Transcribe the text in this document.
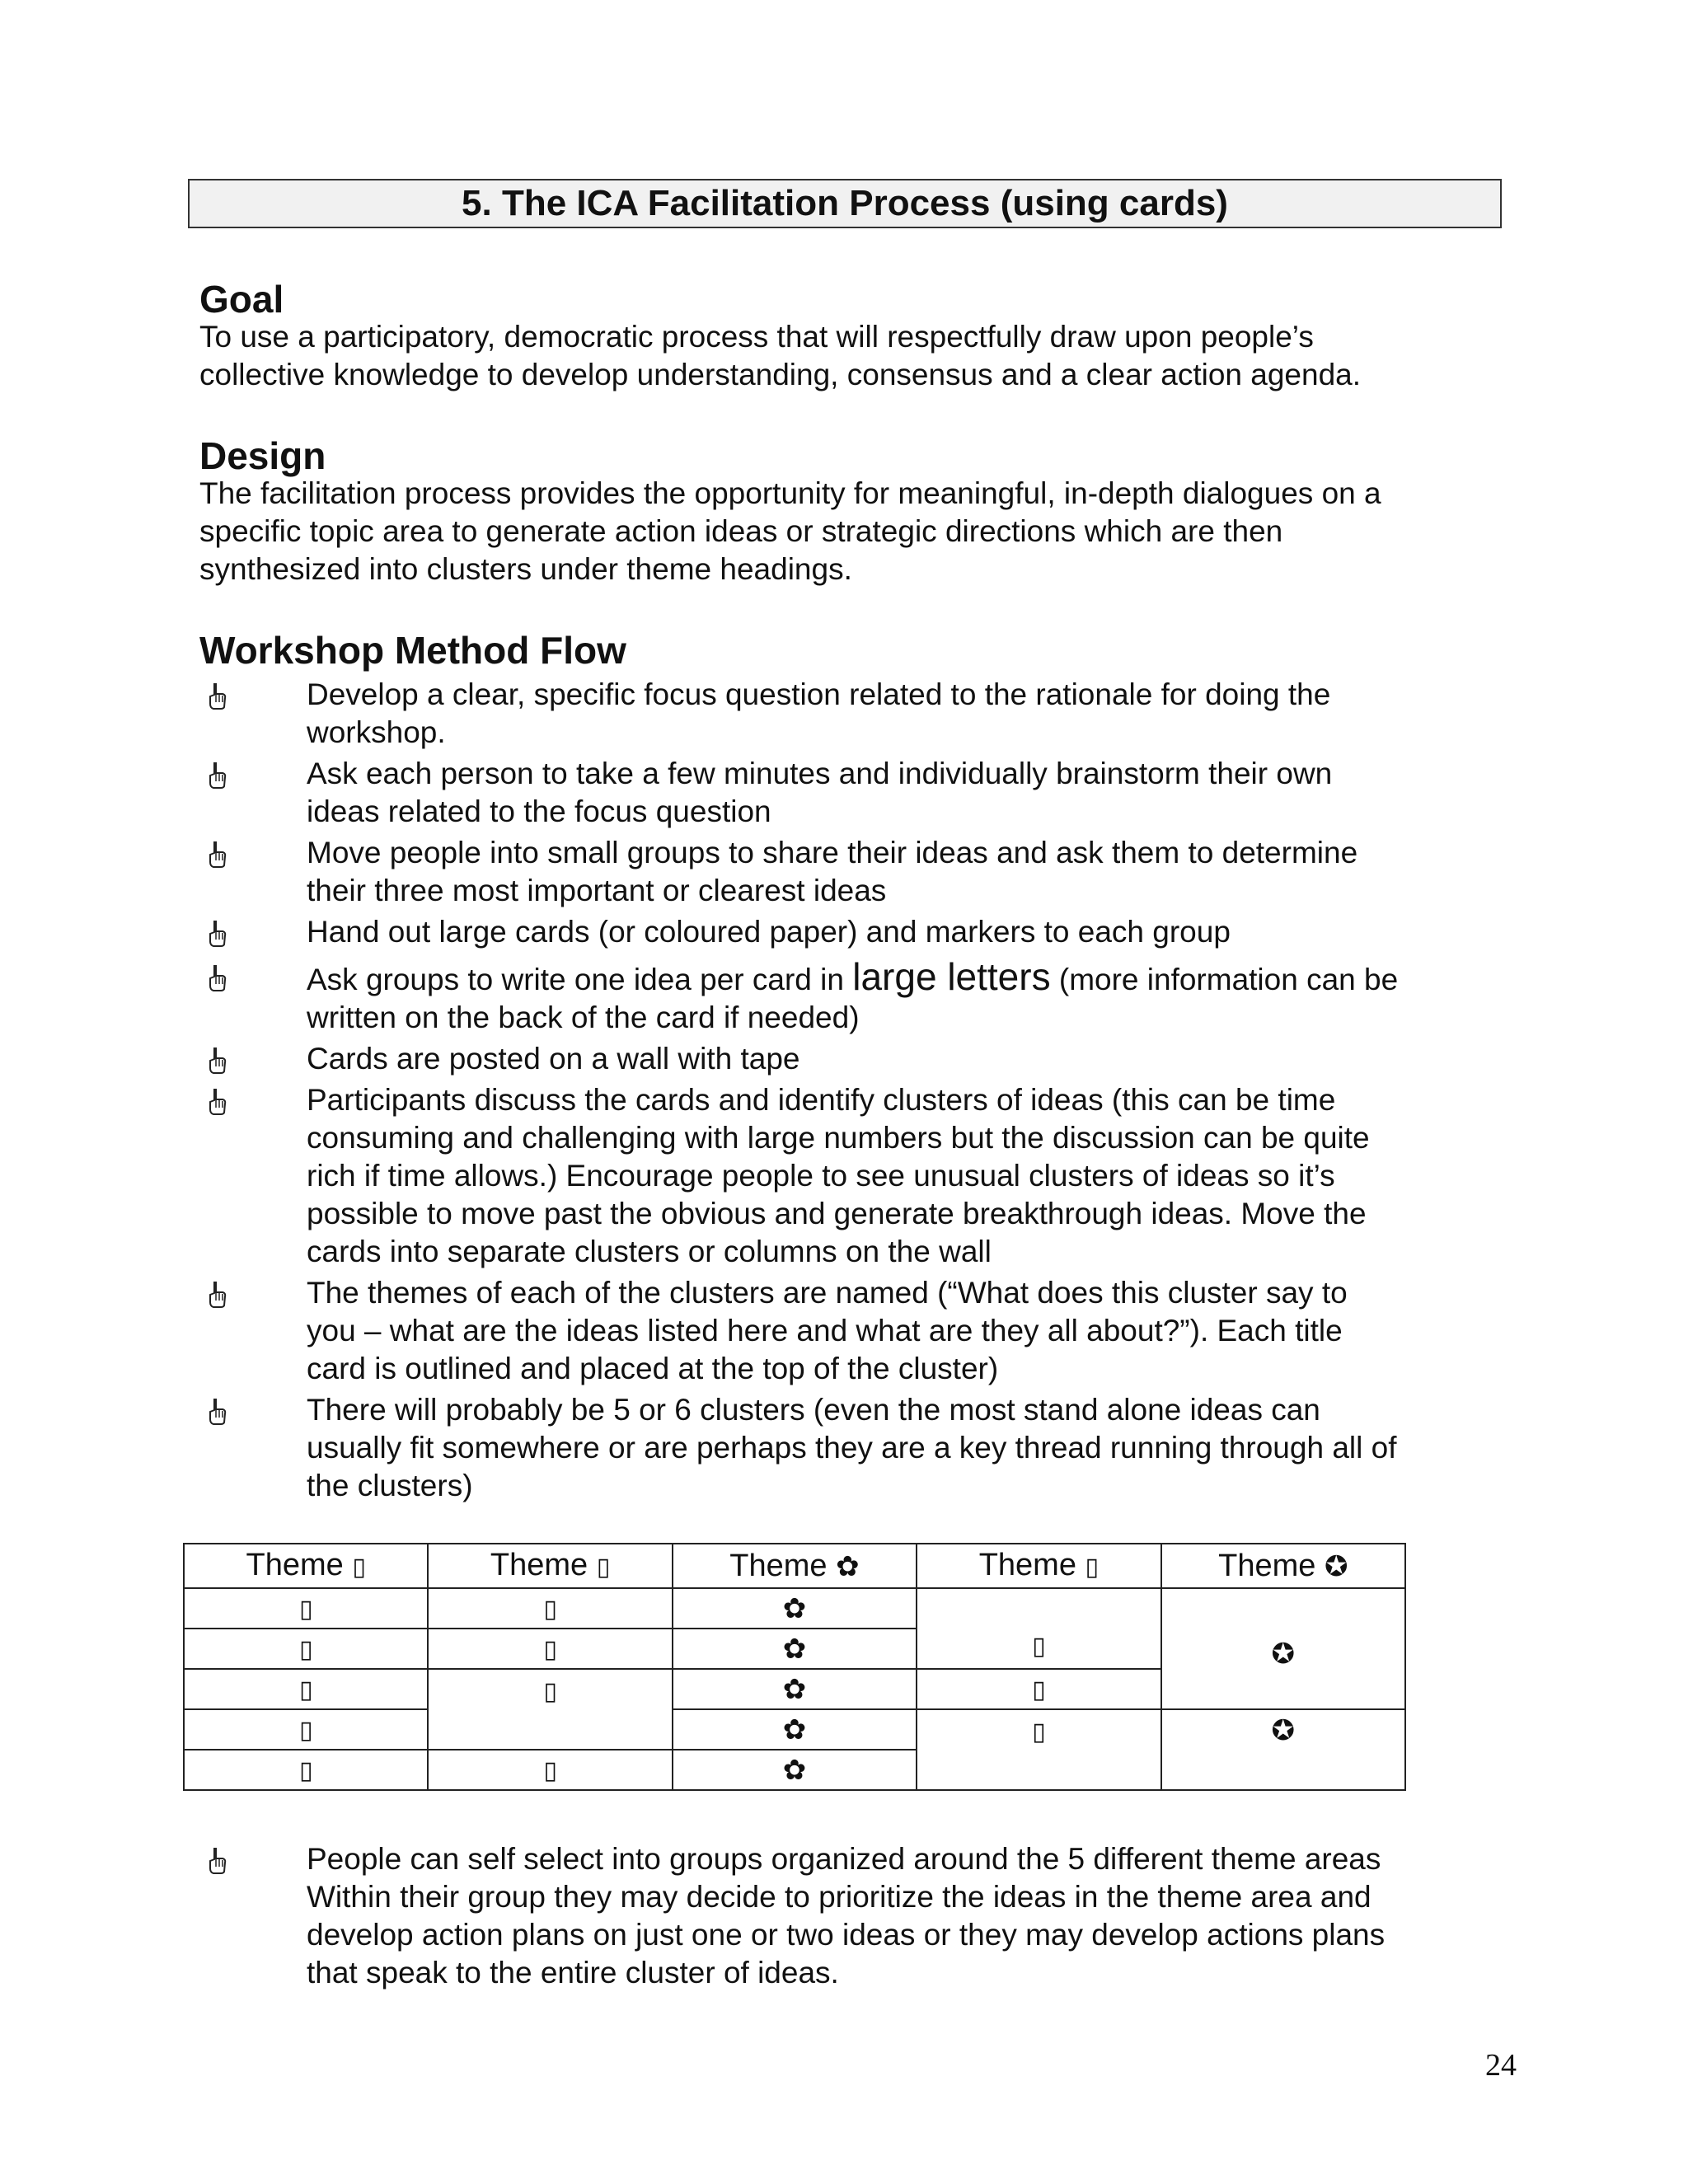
5. The ICA Facilitation Process (using cards)
Goal
To use a participatory, democratic process that will respectfully draw upon people’s
collective knowledge to develop understanding, consensus and a clear action agenda.
Design
The facilitation process provides the opportunity for meaningful, in-depth dialogues on a
specific topic area to generate action ideas or strategic directions which are then
synthesized into clusters under theme headings.
Workshop Method Flow
Develop a clear, specific focus question related to the rationale for doing the
workshop.
Ask each person to take a few minutes and individually brainstorm their own
ideas related to the focus question
Move people into small groups to share their ideas and ask them to determine
their three most important or clearest ideas
Hand out large cards (or coloured paper) and markers to each group
Ask groups to write one idea per card in large letters (more information can be
written on the back of the card if needed)
Cards are posted on a wall with tape
Participants discuss the cards and identify clusters of ideas (this can be time
consuming and challenging with large numbers but the discussion can be quite
rich if time allows.) Encourage people to see unusual clusters of ideas so it’s
possible to move past the obvious and generate breakthrough ideas. Move the
cards into separate clusters or columns on the wall
The themes of each of the clusters are named (“What does this cluster say to
you – what are the ideas listed here and what are they all about?”). Each title
card is outlined and placed at the top of the cluster)
There will probably be 5 or 6 clusters (even the most stand alone ideas can
usually fit somewhere or are perhaps they are a key thread running through all of
the clusters)
Theme ▯	Theme ▯	Theme ✿	Theme ▯	Theme ✪
▯	▯	✿	▯	✪
▯	▯	✿		
▯	▯	✿	▯	
▯		✿	▯	✪
▯	▯	✿		
People can self select into groups organized around the 5 different theme areas
Within their group they may decide to prioritize the ideas in the theme area and
develop action plans on just one or two ideas or they may develop actions plans
that speak to the entire cluster of ideas.
24
